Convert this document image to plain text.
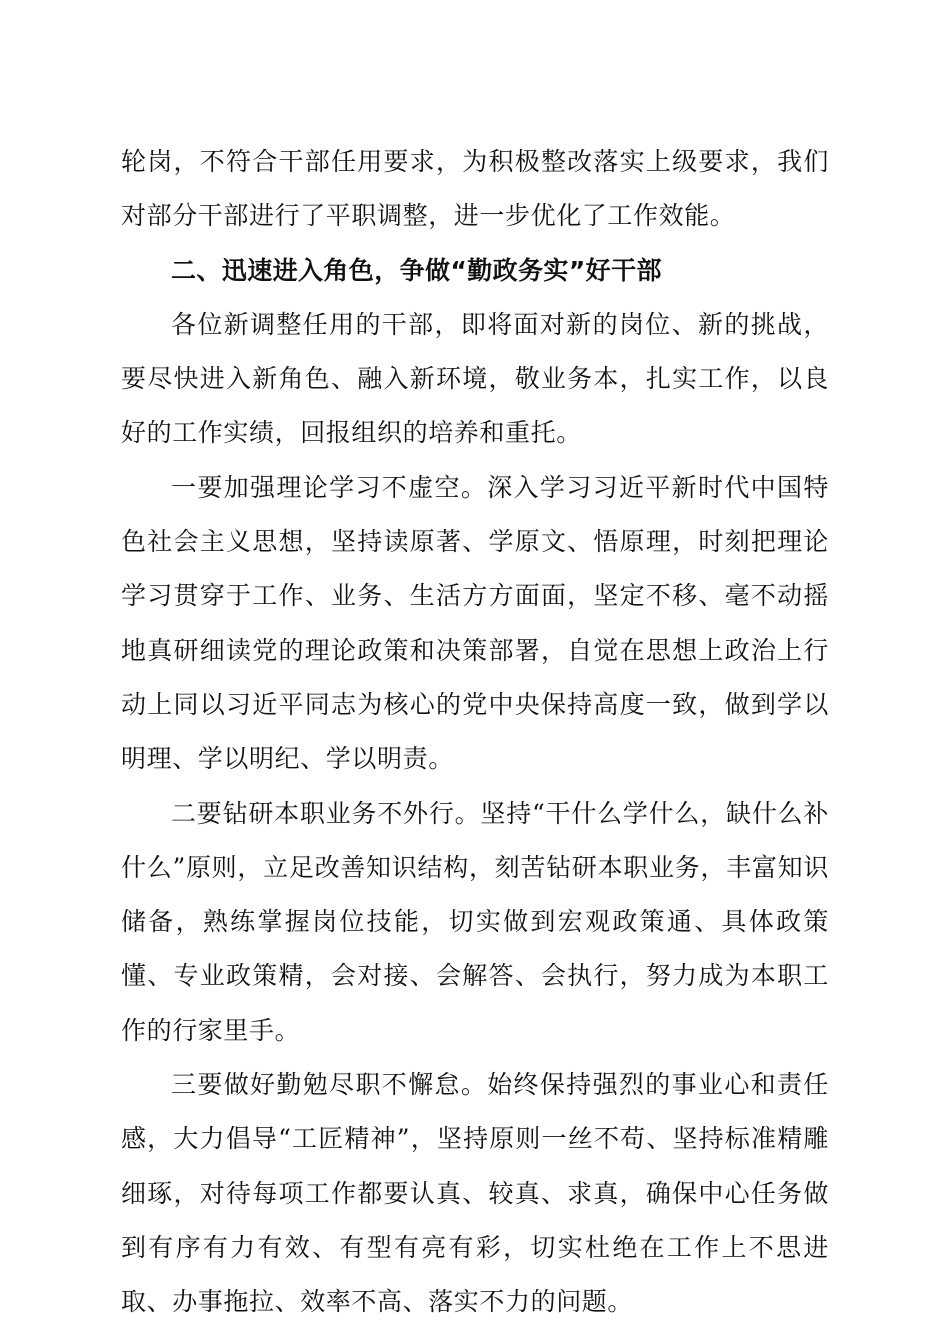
轮岗，不符合干部任用要求，为积极整改落实上级要求，我们对部分干部进行了平职调整，进一步优化了工作效能。

二、迅速进入角色，争做“勤政务实”好干部

各位新调整任用的干部，即将面对新的岗位、新的挑战，要尽快进入新角色、融入新环境，敬业务本，扎实工作，以良好的工作实绩，回报组织的培养和重托。

一要加强理论学习不虚空。深入学习习近平新时代中国特色社会主义思想，坚持读原著、学原文、悟原理，时刻把理论学习贯穿于工作、业务、生活方方面面，坚定不移、毫不动摇地真研细读党的理论政策和决策部署，自觉在思想上政治上行动上同以习近平同志为核心的党中央保持高度一致，做到学以明理、学以明纪、学以明责。

二要钻研本职业务不外行。坚持“干什么学什么，缺什么补什么”原则，立足改善知识结构，刻苦钻研本职业务，丰富知识储备，熟练掌握岗位技能，切实做到宏观政策通、具体政策懂、专业政策精，会对接、会解答、会执行，努力成为本职工作的行家里手。

三要做好勤勉尽职不懈怠。始终保持强烈的事业心和责任感，大力倡导“工匠精神”，坚持原则一丝不苟、坚持标准精雕细琢，对待每项工作都要认真、较真、求真，确保中心任务做到有序有力有效、有型有亮有彩，切实杜绝在工作上不思进取、办事拖拉、效率不高、落实不力的问题。
